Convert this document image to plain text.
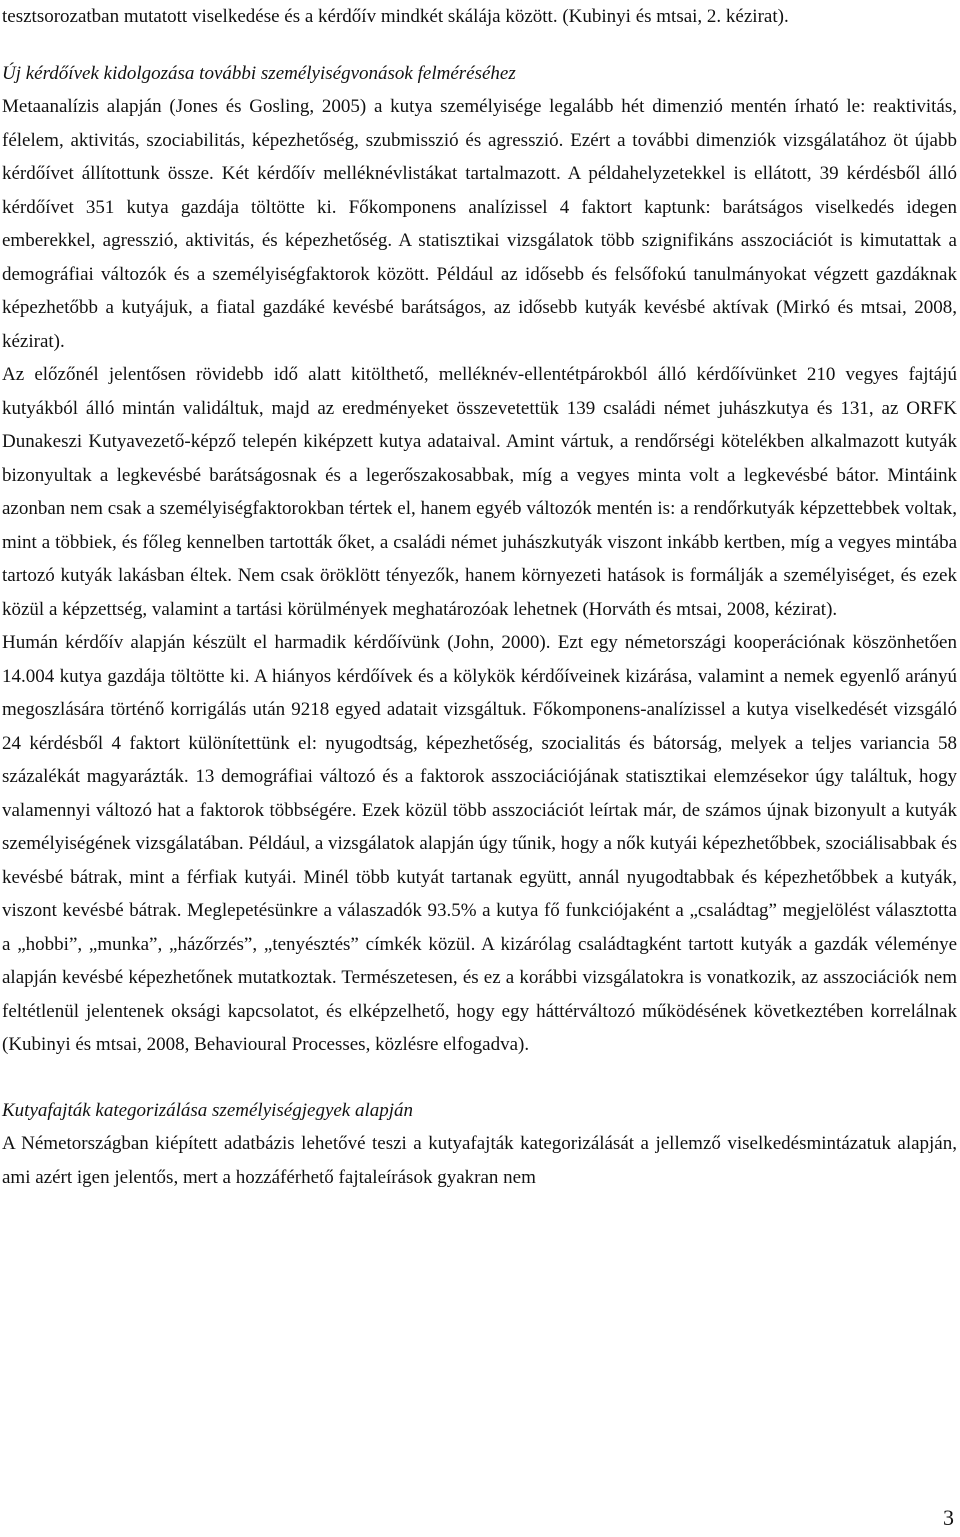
tesztsorozatban mutatott viselkedése és a kérdőív mindkét skálája között. (Kubinyi és mtsai, 2. kézirat).

Új kérdőívek kidolgozása további személyiségvonások felméréséhez

Metaanalízis alapján (Jones és Gosling, 2005) a kutya személyisége legalább hét dimenzió mentén írható le: reaktivitás, félelem, aktivitás, szociabilitás, képezhetőség, szubmisszió és agresszió. Ezért a további dimenziók vizsgálatához öt újabb kérdőívet állítottunk össze. Két kérdőív melléknévlistákat tartalmazott. A példahelyzetekkel is ellátott, 39 kérdésből álló kérdőívet 351 kutya gazdája töltötte ki. Főkomponens analízissel 4 faktort kaptunk: barátságos viselkedés idegen emberekkel, agresszió, aktivitás, és képezhetőség. A statisztikai vizsgálatok több szignifikáns asszociációt is kimutattak a demográfiai változók és a személyiségfaktorok között. Például az idősebb és felsőfokú tanulmányokat végzett gazdáknak képezhetőbb a kutyájuk, a fiatal gazdáké kevésbé barátságos, az idősebb kutyák kevésbé aktívak (Mirkó és mtsai, 2008, kézirat).

Az előzőnél jelentősen rövidebb idő alatt kitölthető, melléknév-ellentétpárokból álló kérdőívünket 210 vegyes fajtájú kutyákból álló mintán validáltuk, majd az eredményeket összevetettük 139 családi német juhászkutya és 131, az ORFK Dunakeszi Kutyavezető-képző telepén kiképzett kutya adataival. Amint vártuk, a rendőrségi kötelékben alkalmazott kutyák bizonyultak a legkevésbé barátságosnak és a legerőszakosabbak, míg a vegyes minta volt a legkevésbé bátor. Mintáink azonban nem csak a személyiségfaktorokban tértek el, hanem egyéb változók mentén is: a rendőrkutyák képzettebbek voltak, mint a többiek, és főleg kennelben tartották őket, a családi német juhászkutyák viszont inkább kertben, míg a vegyes mintába tartozó kutyák lakásban éltek. Nem csak öröklött tényezők, hanem környezeti hatások is formálják a személyiséget, és ezek közül a képzettség, valamint a tartási körülmények meghatározóak lehetnek (Horváth és mtsai, 2008, kézirat).

Humán kérdőív alapján készült el harmadik kérdőívünk (John, 2000). Ezt egy németországi kooperációnak köszönhetően 14.004 kutya gazdája töltötte ki. A hiányos kérdőívek és a kölykök kérdőíveinek kizárása, valamint a nemek egyenlő arányú megoszlására történő korrigálás után 9218 egyed adatait vizsgáltuk. Főkomponens-analízissel a kutya viselkedését vizsgáló 24 kérdésből 4 faktort különítettünk el: nyugodtság, képezhetőség, szocialitás és bátorság, melyek a teljes variancia 58 százalékát magyarázták. 13 demográfiai változó és a faktorok asszociációjának statisztikai elemzésekor úgy találtuk, hogy valamennyi változó hat a faktorok többségére. Ezek közül több asszociációt leírtak már, de számos újnak bizonyult a kutyák személyiségének vizsgálatában. Például, a vizsgálatok alapján úgy tűnik, hogy a nők kutyái képezhetőbbek, szociálisabbak és kevésbé bátrak, mint a férfiak kutyái. Minél több kutyát tartanak együtt, annál nyugodtabbak és képezhetőbbek a kutyák, viszont kevésbé bátrak. Meglepetésünkre a válaszadók 93.5% a kutya fő funkciójaként a „családtag” megjelölést választotta a „hobbi”, „munka”, „házőrzés”, „tenyésztés” címkék közül. A kizárólag családtagként tartott kutyák a gazdák véleménye alapján kevésbé képezhetőnek mutatkoztak. Természetesen, és ez a korábbi vizsgálatokra is vonatkozik, az asszociációk nem feltétlenül jelentenek oksági kapcsolatot, és elképzelhető, hogy egy háttérváltozó működésének következtében korrelálnak (Kubinyi és mtsai, 2008, Behavioural Processes, közlésre elfogadva).

Kutyafajták kategorizálása személyiségjegyek alapján

A Németországban kiépített adatbázis lehetővé teszi a kutyafajták kategorizálását a jellemző viselkedésmintázatuk alapján, ami azért igen jelentős, mert a hozzáférhető fajtaleírások gyakran nem

3
